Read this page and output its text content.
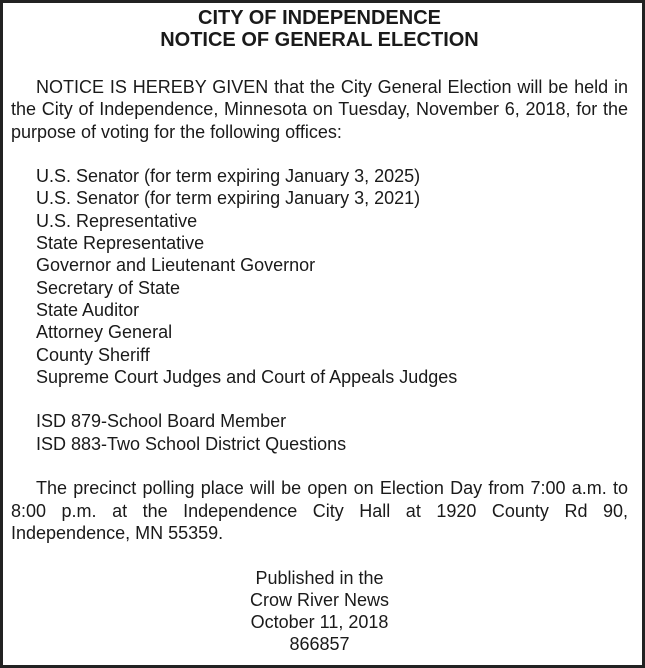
CITY OF INDEPENDENCE
NOTICE OF GENERAL ELECTION

NOTICE IS HEREBY GIVEN that the City General Election will be held in the City of Independence, Minnesota on Tuesday, November 6, 2018, for the purpose of voting for the following offices:

U.S. Senator (for term expiring January 3, 2025)
U.S. Senator (for term expiring January 3, 2021)
U.S. Representative
State Representative
Governor and Lieutenant Governor
Secretary of State
State Auditor
Attorney General
County Sheriff
Supreme Court Judges and Court of Appeals Judges
ISD 879-School Board Member
ISD 883-Two School District Questions

The precinct polling place will be open on Election Day from 7:00 a.m. to 8:00 p.m. at the Independence City Hall at 1920 County Rd 90, Independence, MN 55359.

Published in the
Crow River News
October 11, 2018
866857
